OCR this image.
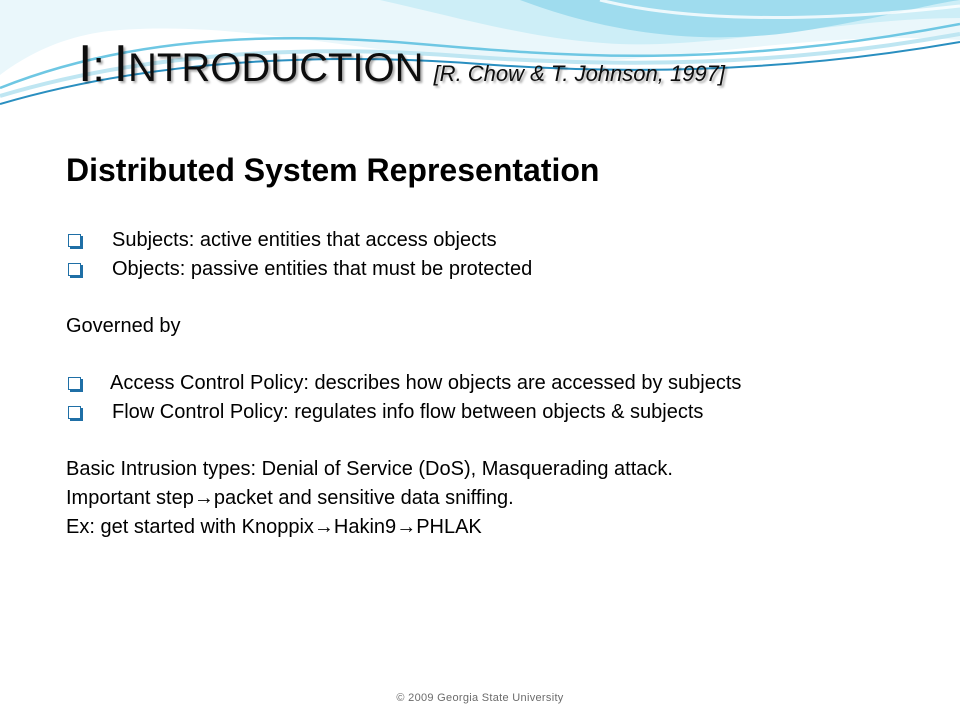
I: INTRODUCTION [R. Chow & T. Johnson, 1997]
Distributed System Representation
Subjects: active entities that access objects
Objects: passive entities that must be protected

Governed by

Access Control Policy: describes how objects are accessed by subjects
Flow Control Policy: regulates info flow between objects & subjects

Basic Intrusion types: Denial of Service (DoS), Masquerading attack.

Important step→packet and sensitive data sniffing.

Ex: get started with Knoppix→Hakin9→PHLAK

© 2009 Georgia State University
